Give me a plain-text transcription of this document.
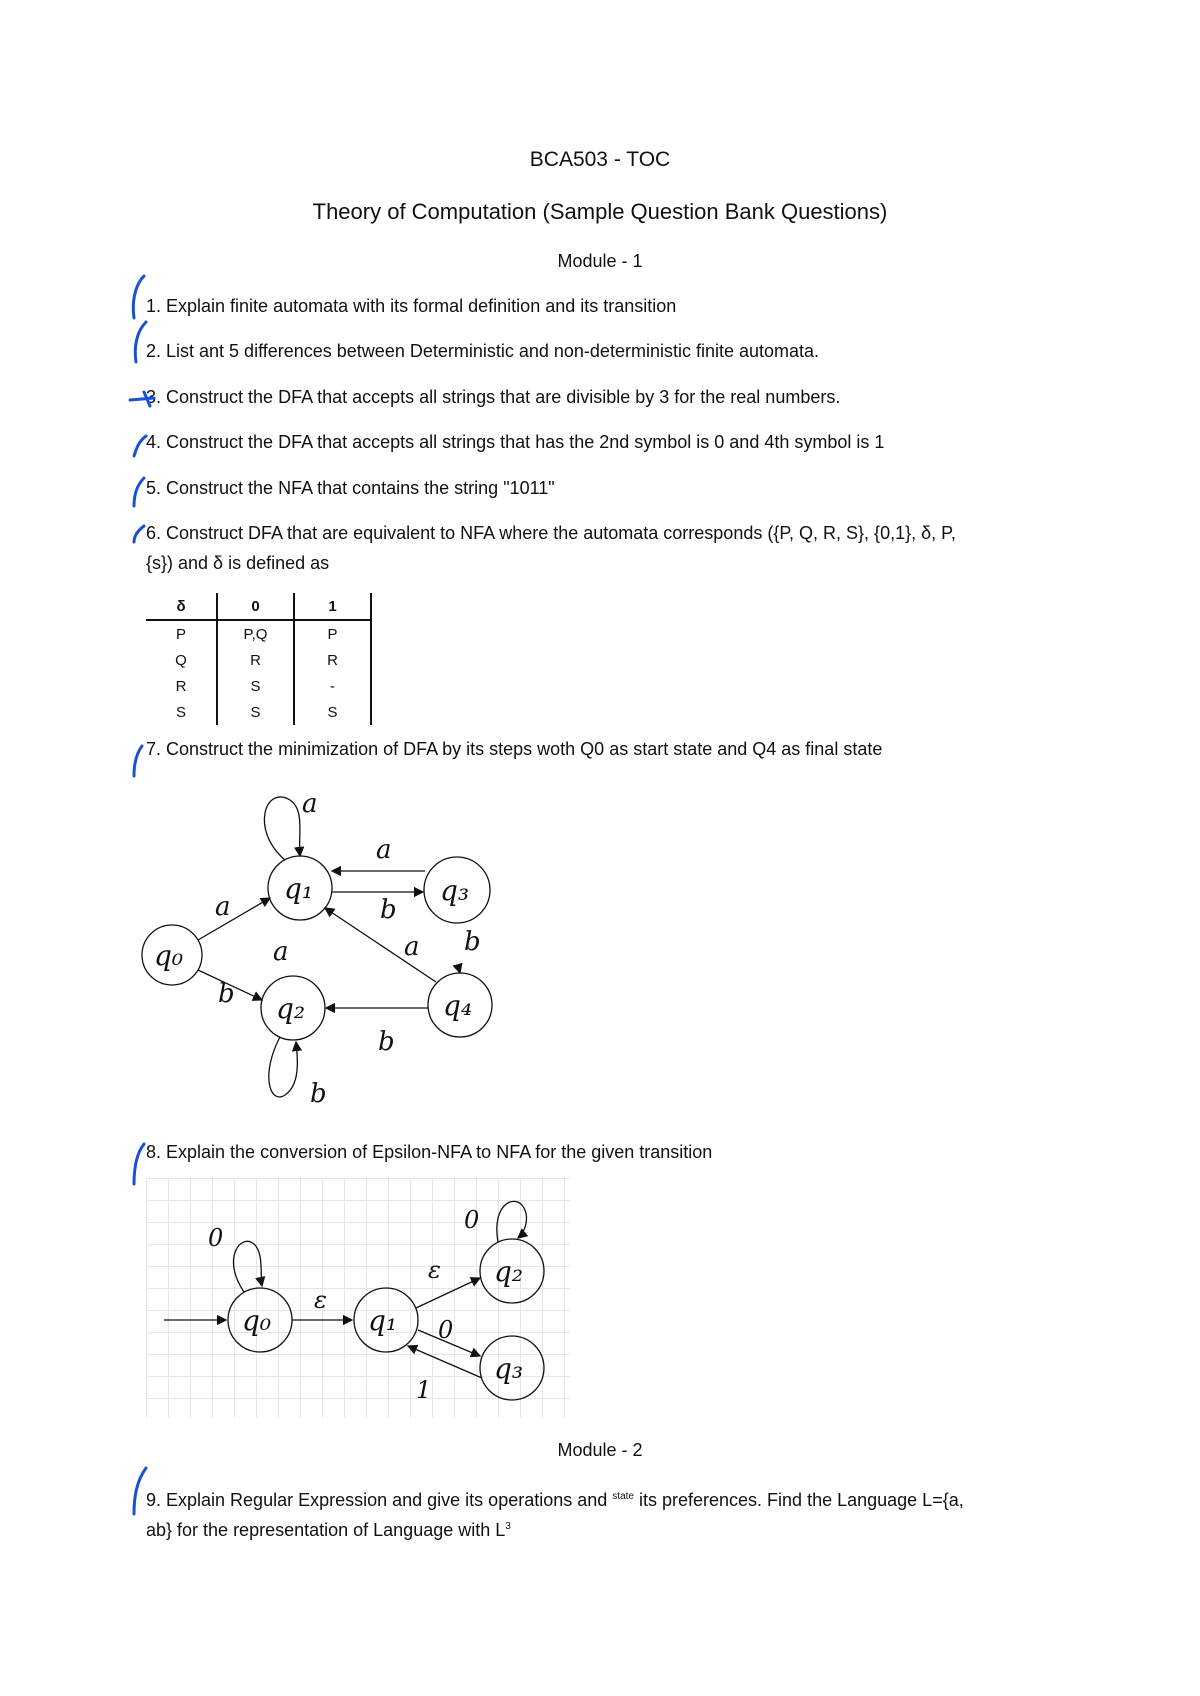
BCA503 - TOC
Theory of Computation (Sample Question Bank Questions)
Module - 1
1. Explain finite automata with its formal definition and its transition
2. List ant 5 differences between Deterministic and non-deterministic finite automata.
3. Construct the DFA that accepts all strings that are divisible by 3 for the real numbers.
4. Construct the DFA that accepts all strings that has the 2nd symbol is 0 and 4th symbol is 1
5. Construct the NFA that contains the string "1011"
6. Construct DFA that are equivalent to NFA where the automata corresponds ({P, Q, R, S}, {0,1}, δ, P,
{s}) and δ is defined as
δ	0	1
P	P,Q	P
Q	R	R
R	S	-
S	S	S
7. Construct the minimization of DFA by its steps woth Q0 as start state and Q4 as final state
q₁	q₃
q₀
q₂	q₄
a
a
b
a
b
a	a b
b
b
8. Explain the conversion of Epsilon-NFA to NFA for the given transition
q₀	q₁
q₂
q₃
0
ε
ε
0
0
1
Module - 2
9. Explain Regular Expression and give its operations and $^{state}$ its preferences. Find the Language L={a,
ab} for the representation of Language with $L^3$
